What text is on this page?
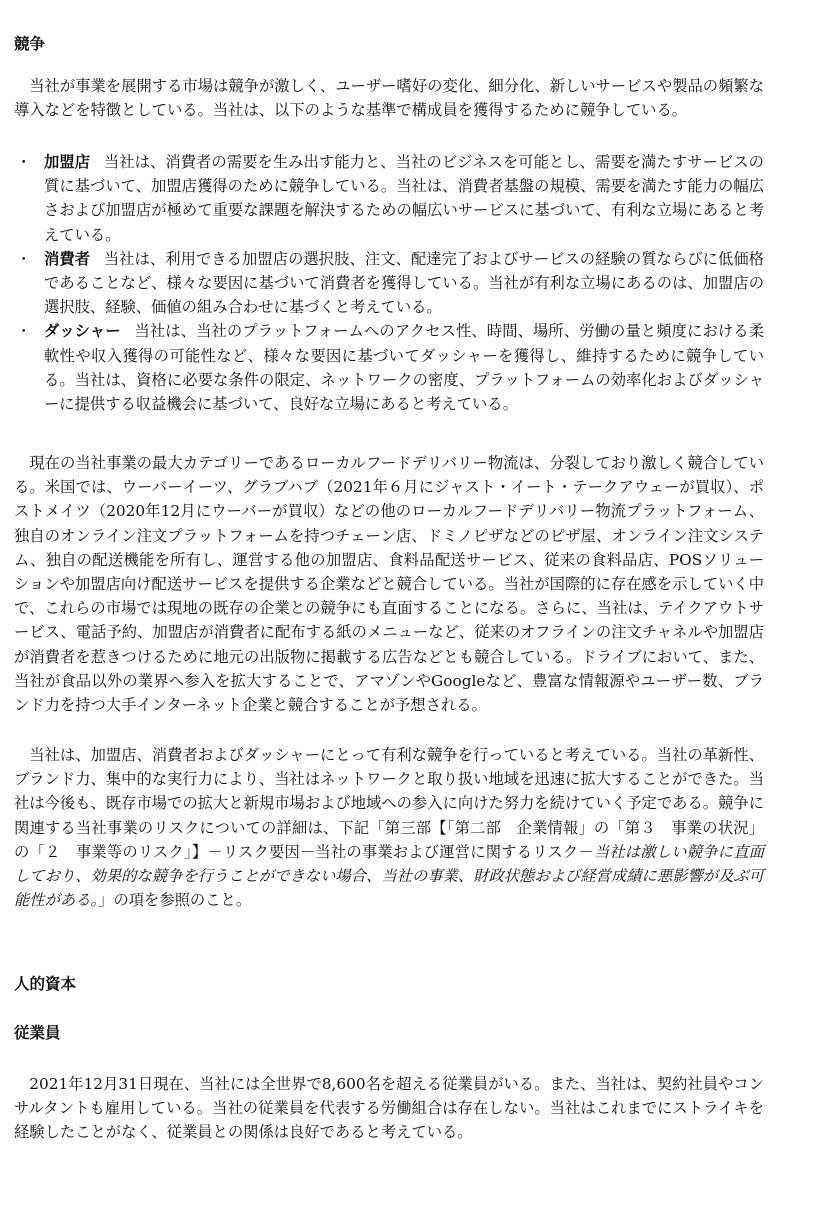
競争

当社が事業を展開する市場は競争が激しく、ユーザー嗜好の変化、細分化、新しいサービスや製品の頻繁な導入などを特徴としている。当社は、以下のような基準で構成員を獲得するために競争している。

・ 加盟店 当社は、消費者の需要を生み出す能力と、当社のビジネスを可能とし、需要を満たすサービスの質に基づいて、加盟店獲得のために競争している。当社は、消費者基盤の規模、需要を満たす能力の幅広さおよび加盟店が極めて重要な課題を解決するための幅広いサービスに基づいて、有利な立場にあると考えている。
・ 消費者 当社は、利用できる加盟店の選択肢、注文、配達完了およびサービスの経験の質ならびに低価格であることなど、様々な要因に基づいて消費者を獲得している。当社が有利な立場にあるのは、加盟店の選択肢、経験、価値の組み合わせに基づくと考えている。
・ ダッシャー 当社は、当社のプラットフォームへのアクセス性、時間、場所、労働の量と頻度における柔軟性や収入獲得の可能性など、様々な要因に基づいてダッシャーを獲得し、維持するために競争している。当社は、資格に必要な条件の限定、ネットワークの密度、プラットフォームの効率化およびダッシャーに提供する収益機会に基づいて、良好な立場にあると考えている。

現在の当社事業の最大カテゴリーであるローカルフードデリバリー物流は、分裂しており激しく競合している。米国では、ウーバーイーツ、グラブハブ（2021年６月にジャスト・イート・テークアウェーが買収）、ポストメイツ（2020年12月にウーバーが買収）などの他のローカルフードデリバリー物流プラットフォーム、独自のオンライン注文プラットフォームを持つチェーン店、ドミノピザなどのピザ屋、オンライン注文システム、独自の配送機能を所有し、運営する他の加盟店、食料品配送サービス、従来の食料品店、POSソリューションや加盟店向け配送サービスを提供する企業などと競合している。当社が国際的に存在感を示していく中で、これらの市場では現地の既存の企業との競争にも直面することになる。さらに、当社は、テイクアウトサービス、電話予約、加盟店が消費者に配布する紙のメニューなど、従来のオフラインの注文チャネルや加盟店が消費者を惹きつけるために地元の出版物に掲載する広告などとも競合している。ドライブにおいて、また、当社が食品以外の業界へ参入を拡大することで、アマゾンやGoogleなど、豊富な情報源やユーザー数、ブランド力を持つ大手インターネット企業と競合することが予想される。

当社は、加盟店、消費者およびダッシャーにとって有利な競争を行っていると考えている。当社の革新性、ブランド力、集中的な実行力により、当社はネットワークと取り扱い地域を迅速に拡大することができた。当社は今後も、既存市場での拡大と新規市場および地域への参入に向けた努力を続けていく予定である。競争に関連する当社事業のリスクについての詳細は、下記「第三部【「第二部　企業情報」の「第３　事業の状況」の「２　事業等のリスク」】－リスク要因－当社の事業および運営に関するリスク－当社は激しい競争に直面しており、効果的な競争を行うことができない場合、当社の事業、財政状態および経営成績に悪影響が及ぶ可能性がある。」の項を参照のこと。

人的資本
従業員

2021年12月31日現在、当社には全世界で8,600名を超える従業員がいる。また、当社は、契約社員やコンサルタントも雇用している。当社の従業員を代表する労働組合は存在しない。当社はこれまでにストライキを経験したことがなく、従業員との関係は良好であると考えている。
